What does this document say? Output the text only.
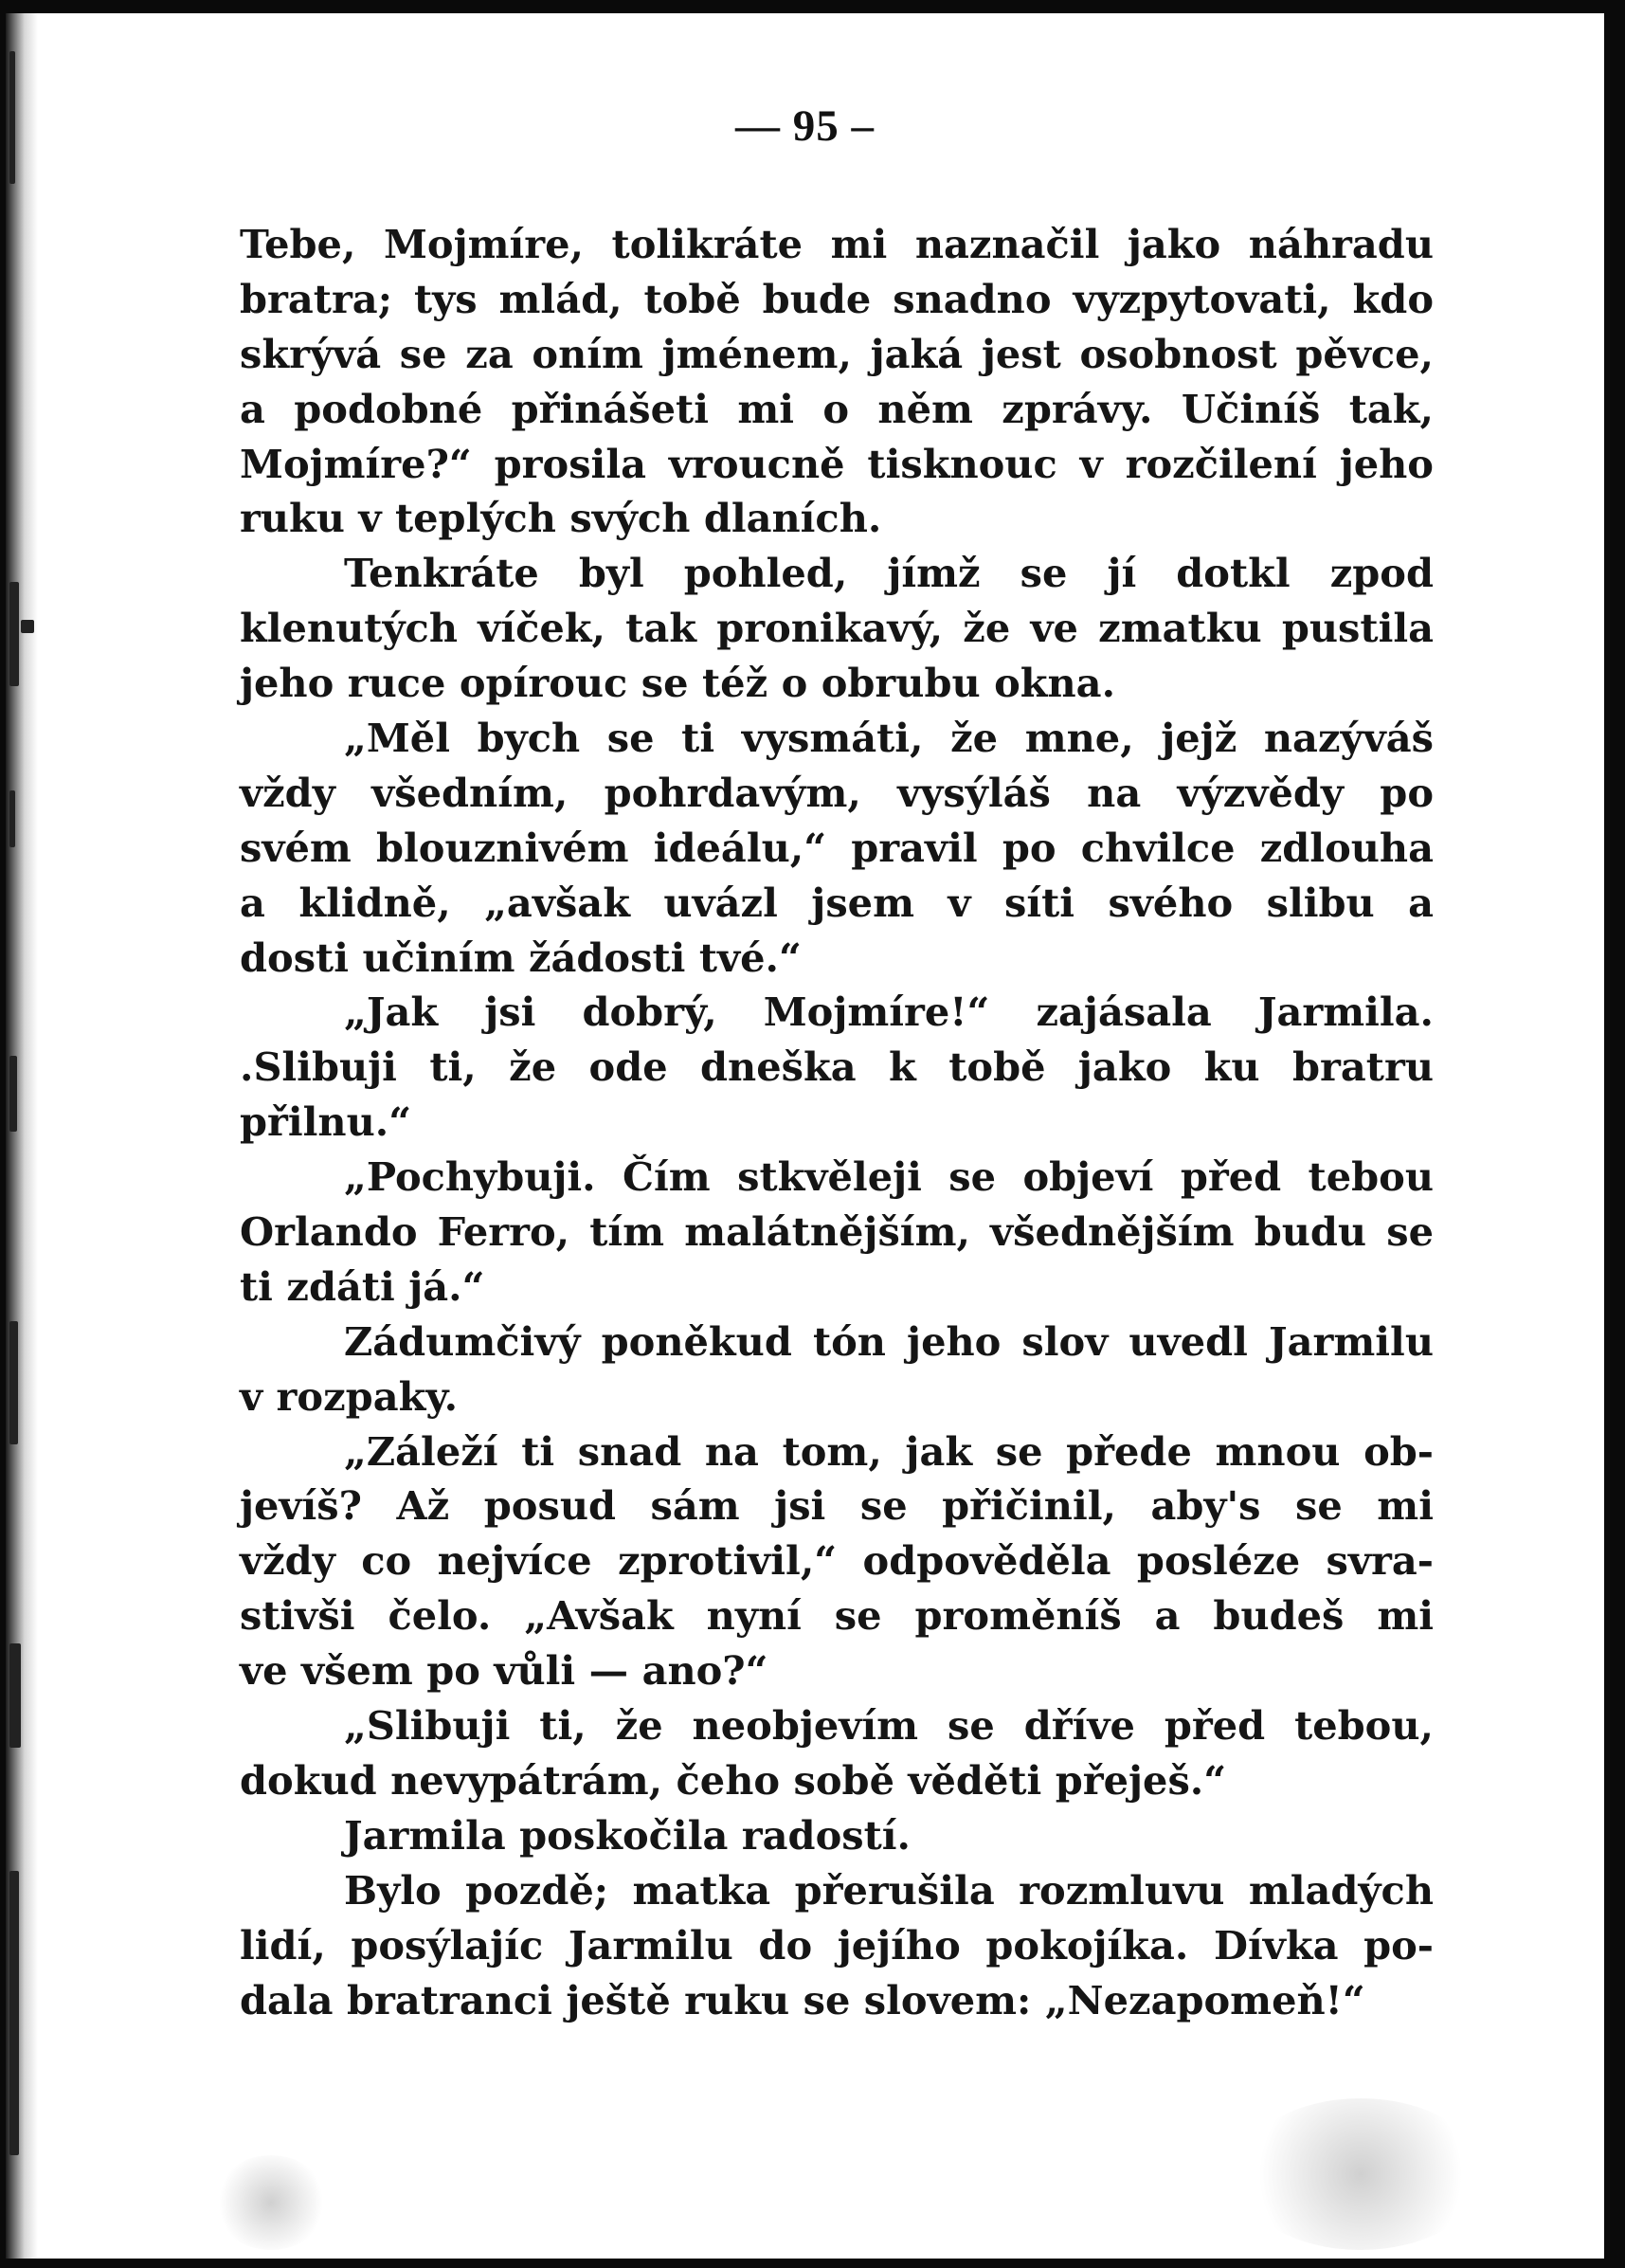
— 95 –
Tebe, Mojmíre, tolikráte mi naznačil jako náhradu
bratra; tys mlád, tobě bude snadno vyzpytovati, kdo
skrývá se za oním jménem, jaká jest osobnost pěvce,
a podobné přinášeti mi o něm zprávy. Učiníš tak,
Mojmíre?“ prosila vroucně tisknouc v rozčilení jeho
ruku v teplých svých dlaních.
Tenkráte byl pohled, jímž se jí dotkl zpod
klenutých víček, tak pronikavý, že ve zmatku pustila
jeho ruce opírouc se též o obrubu okna.
„Měl bych se ti vysmáti, že mne, jejž nazýváš
vždy všedním, pohrdavým, vysýláš na výzvědy po
svém blouznivém ideálu,“ pravil po chvilce zdlouha
a klidně, „avšak uvázl jsem v síti svého slibu a
dosti učiním žádosti tvé.“
„Jak jsi dobrý, Mojmíre!“ zajásala Jarmila.
.Slibuji ti, že ode dneška k tobě jako ku bratru
přilnu.“
„Pochybuji. Čím stkvěleji se objeví před tebou
Orlando Ferro, tím malátnějším, všednějším budu se
ti zdáti já.“
Zádumčivý poněkud tón jeho slov uvedl Jarmilu
v rozpaky.
„Záleží ti snad na tom, jak se přede mnou ob-
jevíš? Až posud sám jsi se přičinil, aby's se mi
vždy co nejvíce zprotivil,“ odpověděla posléze svra-
stivši čelo. „Avšak nyní se proměníš a budeš mi
ve všem po vůli — ano?“
„Slibuji ti, že neobjevím se dříve před tebou,
dokud nevypátrám, čeho sobě věděti přeješ.“
Jarmila poskočila radostí.
Bylo pozdě; matka přerušila rozmluvu mladých
lidí, posýlajíc Jarmilu do jejího pokojíka. Dívka po-
dala bratranci ještě ruku se slovem: „Nezapomeň!“
